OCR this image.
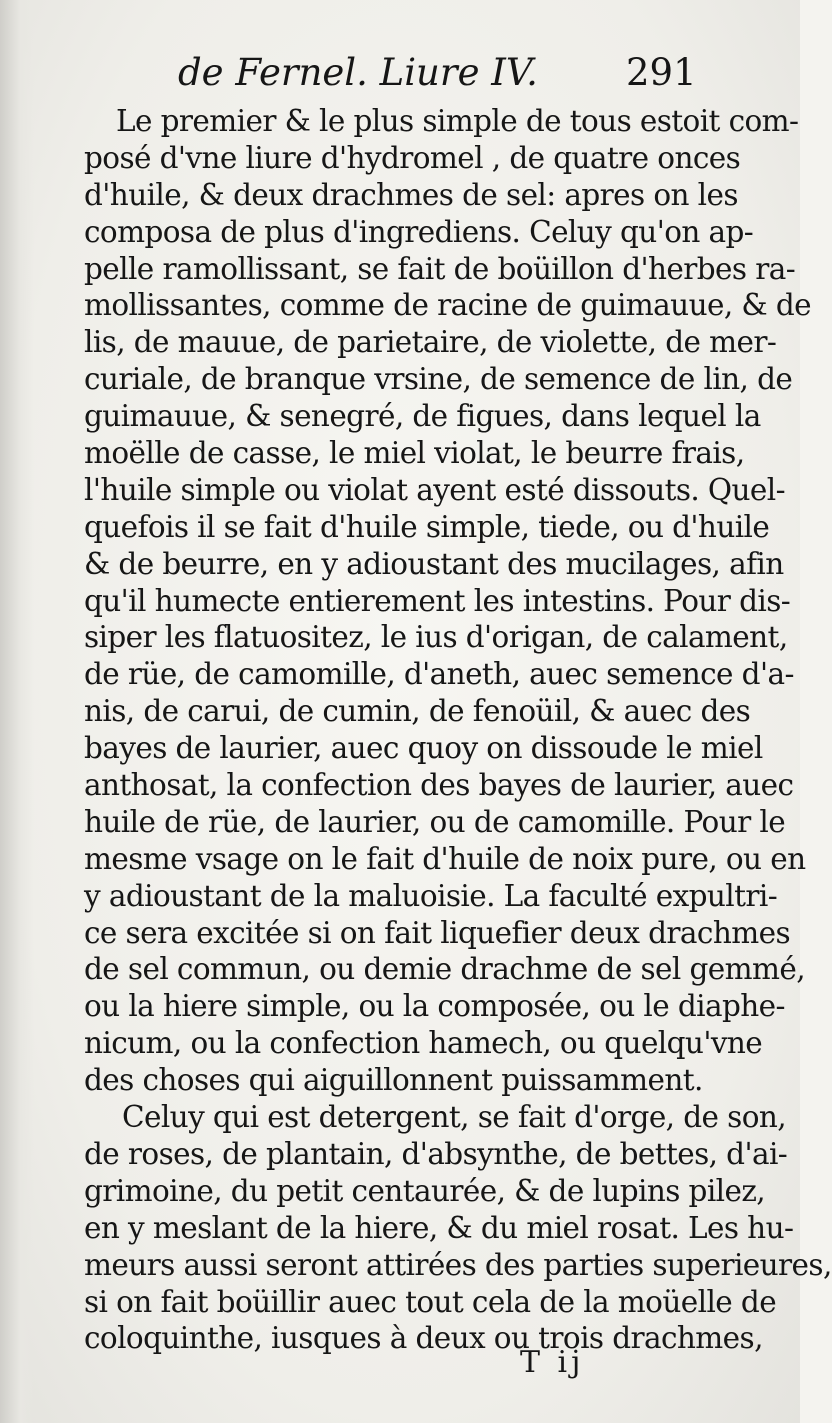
de Fernel. Liure IV. 291
Le premier & le plus simple de tous estoit com-
posé d'vne liure d'hydromel , de quatre onces
d'huile, & deux drachmes de sel: apres on les
composa de plus d'ingrediens. Celuy qu'on ap-
pelle ramollissant, se fait de boüillon d'herbes ra-
mollissantes, comme de racine de guimauue, & de
lis, de mauue, de parietaire, de violette, de mer-
curiale, de branque vrsine, de semence de lin, de
guimauue, & senegré, de figues, dans lequel la
moëlle de casse, le miel violat, le beurre frais,
l'huile simple ou violat ayent esté dissouts. Quel-
quefois il se fait d'huile simple, tiede, ou d'huile
& de beurre, en y adioustant des mucilages, afin
qu'il humecte entierement les intestins. Pour dis-
siper les flatuositez, le ius d'origan, de calament,
de rüe, de camomille, d'aneth, auec semence d'a-
nis, de carui, de cumin, de fenoüil, & auec des
bayes de laurier, auec quoy on dissoude le miel
anthosat, la confection des bayes de laurier, auec
huile de rüe, de laurier, ou de camomille. Pour le
mesme vsage on le fait d'huile de noix pure, ou en
y adioustant de la maluoisie. La faculté expultri-
ce sera excitée si on fait liquefier deux drachmes
de sel commun, ou demie drachme de sel gemmé,
ou la hiere simple, ou la composée, ou le diaphe-
nicum, ou la confection hamech, ou quelqu'vne
des choses qui aiguillonnent puissamment.
Celuy qui est detergent, se fait d'orge, de son,
de roses, de plantain, d'absynthe, de bettes, d'ai-
grimoine, du petit centaurée, & de lupins pilez,
en y meslant de la hiere, & du miel rosat. Les hu-
meurs aussi seront attirées des parties superieures,
si on fait boüillir auec tout cela de la moüelle de
coloquinthe, iusques à deux ou trois drachmes,
T ij
